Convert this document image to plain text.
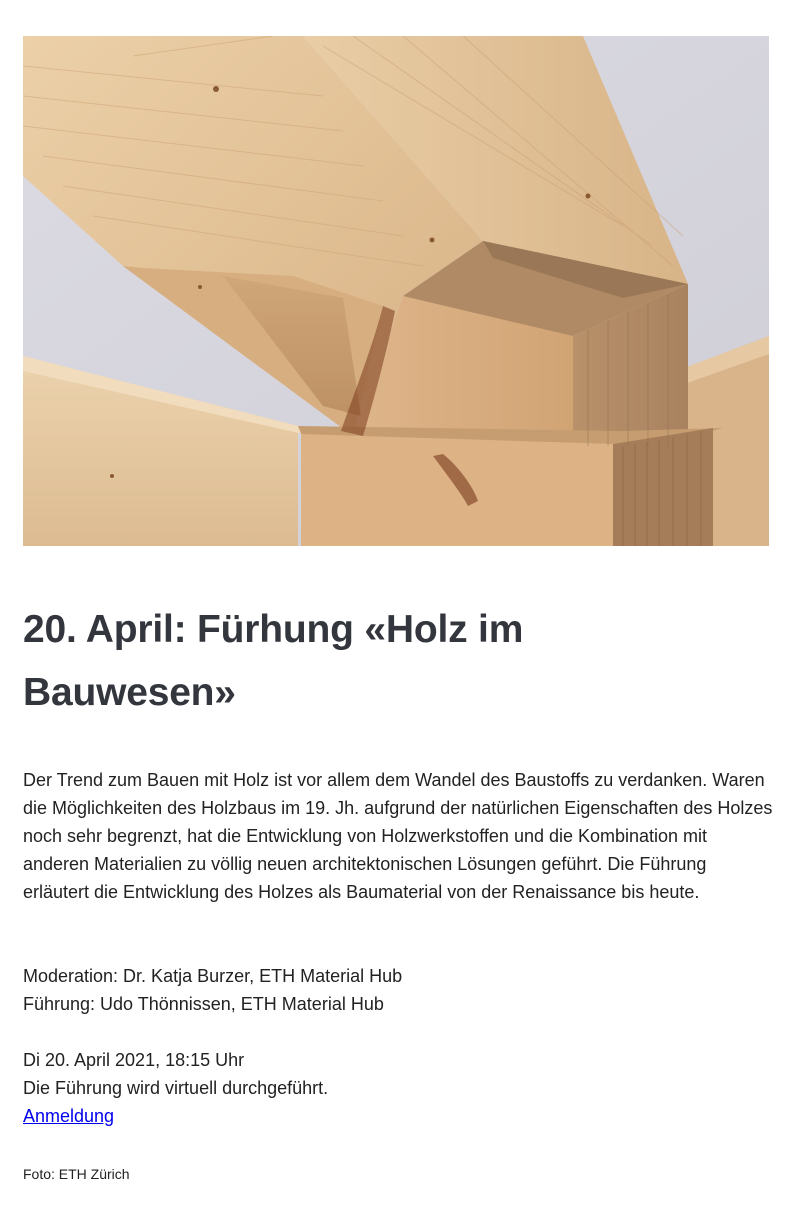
20. April: Fürhung «Holz im Bauwesen»

Der Trend zum Bauen mit Holz ist vor allem dem Wandel des Baustoffs zu verdanken. Waren die Möglichkeiten des Holzbaus im 19. Jh. aufgrund der natürlichen Eigenschaften des Holzes noch sehr begrenzt, hat die Entwicklung von Holzwerkstoffen und die Kombination mit anderen Materialien zu völlig neuen architektonischen Lösungen geführt. Die Führung erläutert die Entwicklung des Holzes als Baumaterial von der Renaissance bis heute.

Moderation: Dr. Katja Burzer, ETH Material Hub
Führung: Udo Thönnissen, ETH Material Hub

Di 20. April 2021, 18:15 Uhr
Die Führung wird virtuell durchgeführt.
Anmeldung

Foto: ETH Zürich
